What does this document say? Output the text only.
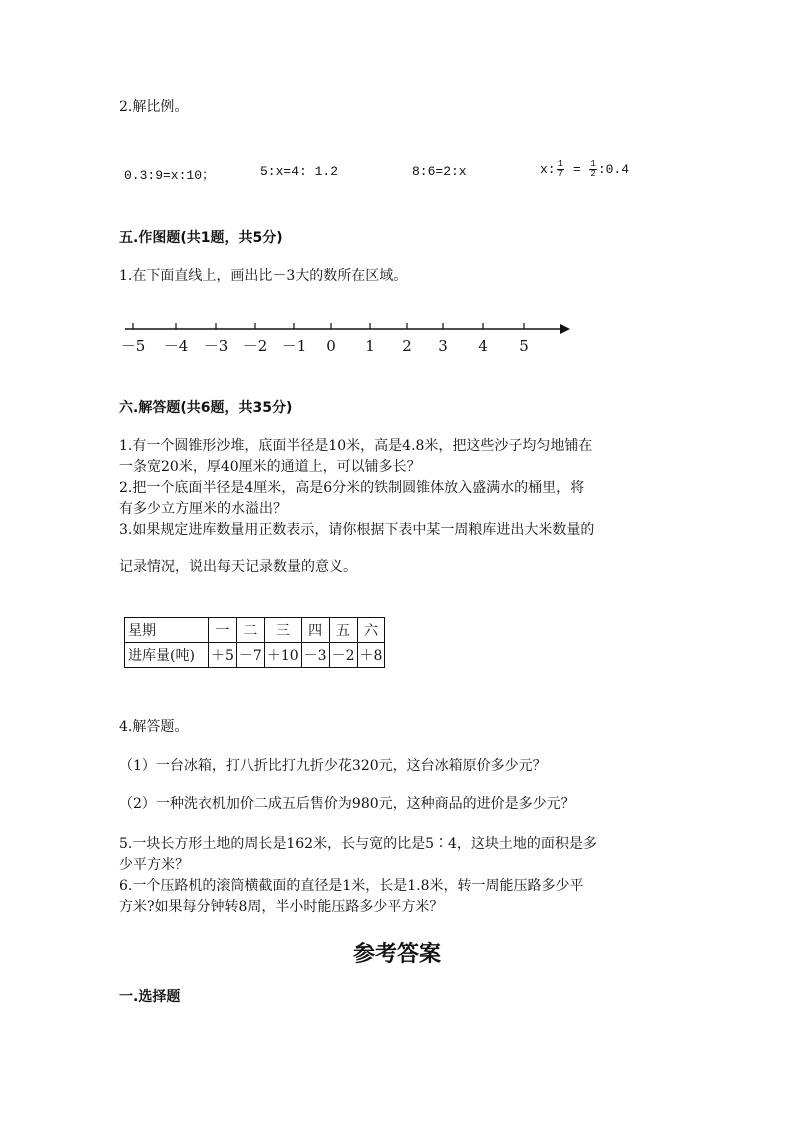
2.解比例。
0.3:9=x:10；	5:x=4: 1.2	8:6=2:x	x: $\frac{1}{7} = \frac{1}{2}$ :0.4
五.作图题(共1题，共5分)
1.在下面直线上，画出比－3大的数所在区域。
－5 －4 －3 －2 －1 0 1 2 3 4 5
六.解答题(共6题，共35分)
1.有一个圆锥形沙堆，底面半径是10米，高是4.8米，把这些沙子均匀地铺在
一条宽20米，厚40厘米的通道上，可以铺多长？
2.把一个底面半径是4厘米，高是6分米的铁制圆锥体放入盛满水的桶里，将
有多少立方厘米的水溢出？
3.如果规定进库数量用正数表示，请你根据下表中某一周粮库进出大米数量的
记录情况，说出每天记录数量的意义。
星期	一	二	三	四	五	六
进库量(吨)	＋5	－7	＋10	－3	－2	＋8
4.解答题。
（1）一台冰箱，打八折比打九折少花320元，这台冰箱原价多少元？
（2）一种洗衣机加价二成五后售价为980元，这种商品的进价是多少元？
5.一块长方形土地的周长是162米，长与宽的比是5∶4，这块土地的面积是多
少平方米？
6.一个压路机的滚筒横截面的直径是1米，长是1.8米，转一周能压路多少平
方米?如果每分钟转8周，半小时能压路多少平方米？
参考答案
一.选择题
